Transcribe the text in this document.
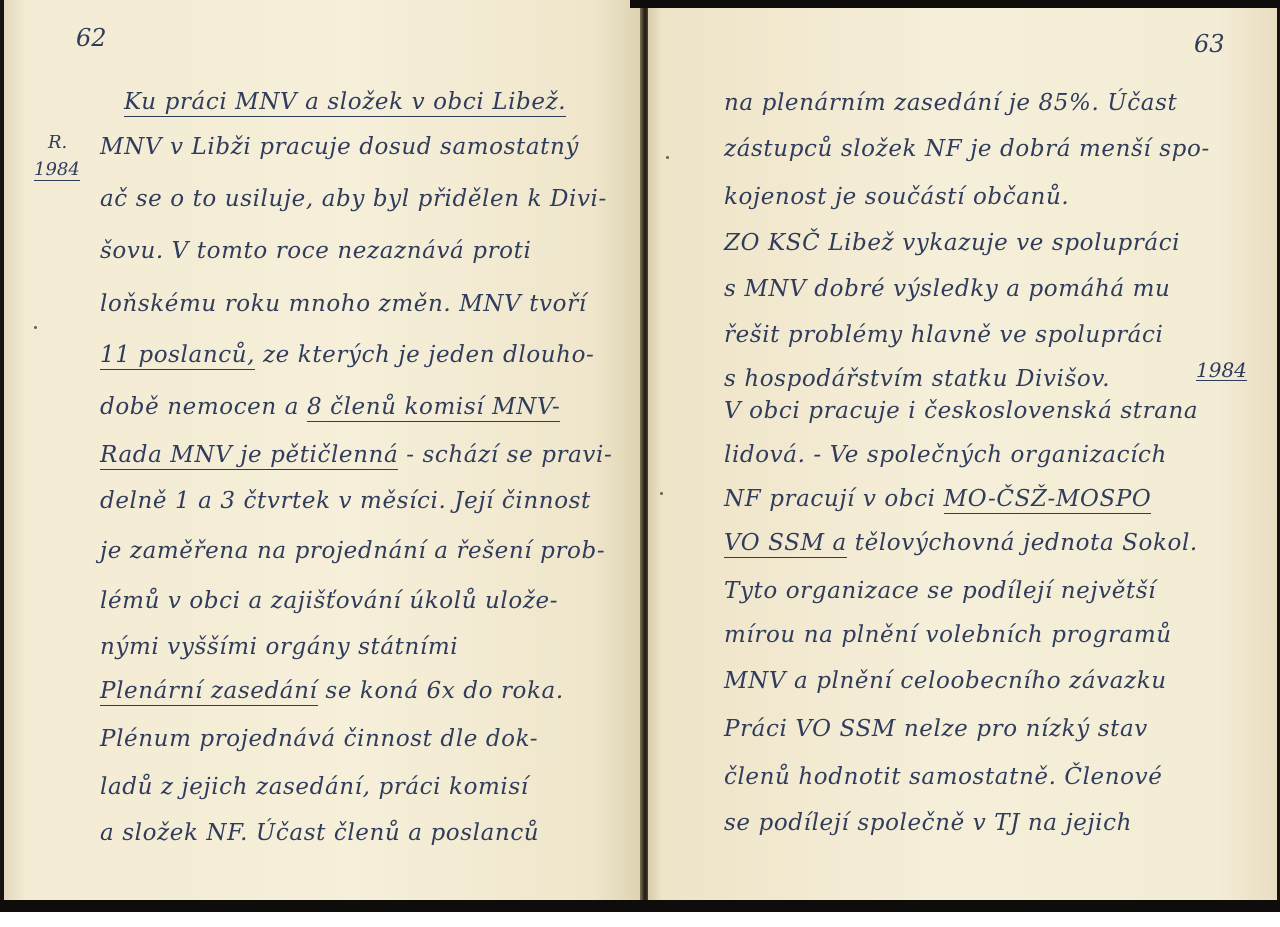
62
R.
1984
Ku práci MNV a složek v obci Libež.
MNV v Libži pracuje dosud samostatný
ač se o to usiluje, aby byl přidělen k Divi-
šovu. V tomto roce nezaznává proti
loňskému roku mnoho změn. MNV tvoří
11 poslanců, ze kterých je jeden dlouho-
době nemocen a 8 členů komisí MNV-
Rada MNV je pětičlenná - schází se pravi-
delně 1 a 3 čtvrtek v měsíci. Její činnost
je zaměřena na projednání a řešení prob-
lémů v obci a zajišťování úkolů ulože-
nými vyššími orgány státními
Plenární zasedání se koná 6x do roka.
Plénum projednává činnost dle dok-
ladů z jejich zasedání, práci komisí
a složek NF. Účast členů a poslanců
63
1984
na plenárním zasedání je 85%. Účast
zástupců složek NF je dobrá menší spo-
kojenost je součástí občanů.
ZO KSČ Libež vykazuje ve spolupráci
s MNV dobré výsledky a pomáhá mu
řešit problémy hlavně ve spolupráci
s hospodářstvím statku Divišov.
V obci pracuje i československá strana
lidová. - Ve společných organizacích
NF pracují v obci MO-ČSŽ-MOSPO
VO SSM a tělovýchovná jednota Sokol.
Tyto organizace se podílejí největší
mírou na plnění volebních programů
MNV a plnění celoobecního závazku
Práci VO SSM nelze pro nízký stav
členů hodnotit samostatně. Členové
se podílejí společně v TJ na jejich
